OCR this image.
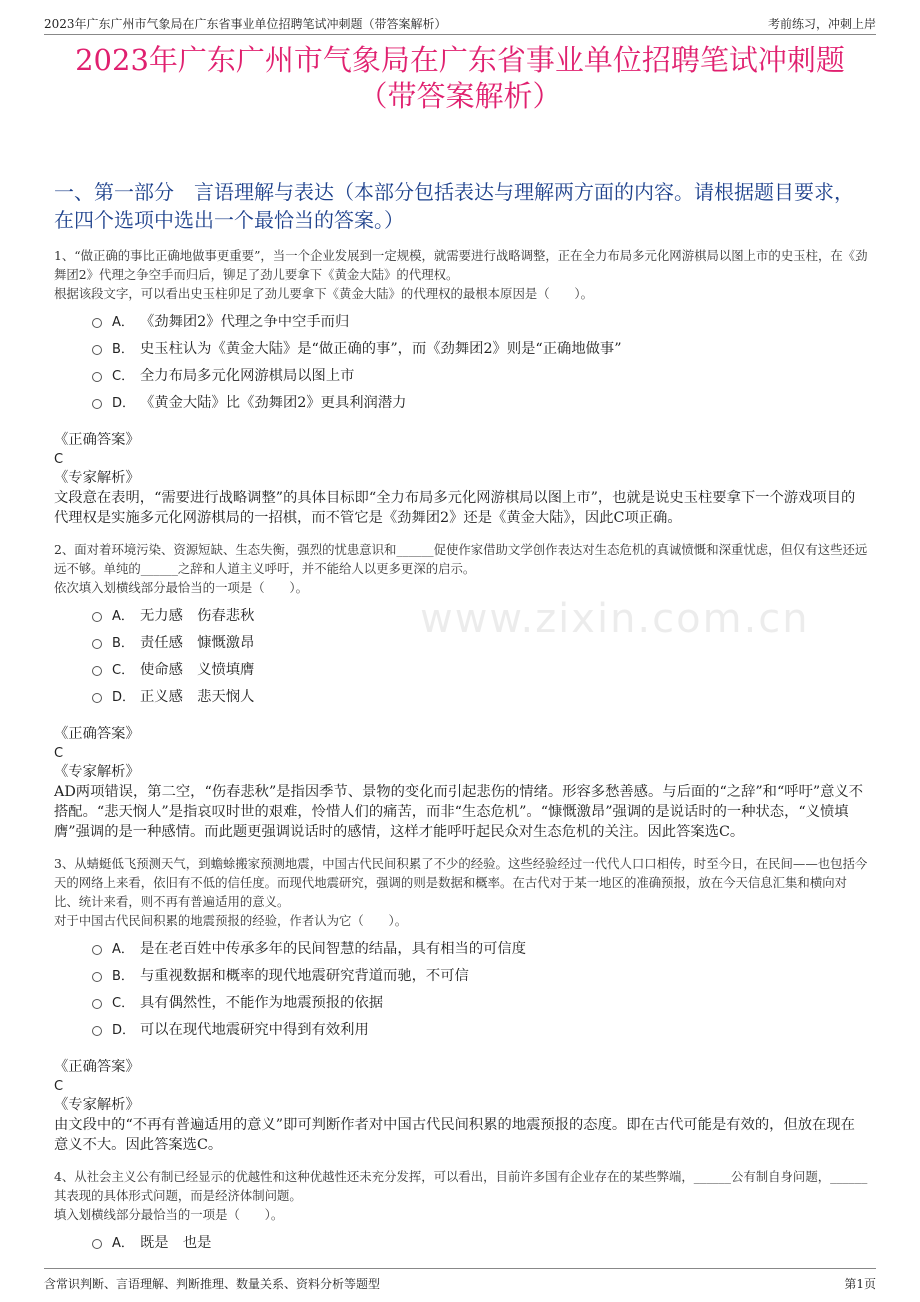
2023年广东广州市气象局在广东省事业单位招聘笔试冲刺题（带答案解析）	考前练习，冲刺上岸
2023年广东广州市气象局在广东省事业单位招聘笔试冲刺题
（带答案解析）
一、第一部分　言语理解与表达（本部分包括表达与理解两方面的内容。请根据题目要求，在四个选项中选出一个最恰当的答案。）
www.zixin.com.cn

1、“做正确的事比正确地做事更重要”，当一个企业发展到一定规模，就需要进行战略调整，正在全力布局多元化网游棋局以图上市的史玉柱，在《劲舞团2》代理之争空手而归后，铆足了劲儿要拿下《黄金大陆》的代理权。

根据该段文字，可以看出史玉柱卯足了劲儿要拿下《黄金大陆》的代理权的最根本原因是（　　）。

A． 《劲舞团2》代理之争中空手而归
B． 史玉柱认为《黄金大陆》是“做正确的事”，而《劲舞团2》则是“正确地做事”
C． 全力布局多元化网游棋局以图上市
D． 《黄金大陆》比《劲舞团2》更具利润潜力

《正确答案》

C

《专家解析》

文段意在表明，“需要进行战略调整”的具体目标即“全力布局多元化网游棋局以图上市”，也就是说史玉柱要拿下一个游戏项目的代理权是实施多元化网游棋局的一招棋，而不管它是《劲舞团2》还是《黄金大陆》，因此C项正确。

2、面对着环境污染、资源短缺、生态失衡，强烈的忧患意识和______促使作家借助文学创作表达对生态危机的真诚愤慨和深重忧虑，但仅有这些还远远不够。单纯的______之辞和人道主义呼吁，并不能给人以更多更深的启示。

依次填入划横线部分最恰当的一项是（　　）。

A． 无力感　伤春悲秋
B． 责任感　慷慨激昂
C． 使命感　义愤填膺
D． 正义感　悲天悯人

《正确答案》

C

《专家解析》

AD两项错误，第二空，“伤春悲秋”是指因季节、景物的变化而引起悲伤的情绪。形容多愁善感。与后面的“之辞”和“呼吁”意义不搭配。“悲天悯人”是指哀叹时世的艰难，怜惜人们的痛苦，而非“生态危机”。“慷慨激昂”强调的是说话时的一种状态，“义愤填膺”强调的是一种感情。而此题更强调说话时的感情，这样才能呼吁起民众对生态危机的关注。因此答案选C。

3、从蜻蜓低飞预测天气，到蟾蜍搬家预测地震，中国古代民间积累了不少的经验。这些经验经过一代代人口口相传，时至今日，在民间——也包括今天的网络上来看，依旧有不低的信任度。而现代地震研究，强调的则是数据和概率。在古代对于某一地区的准确预报，放在今天信息汇集和横向对比、统计来看，则不再有普遍适用的意义。

对于中国古代民间积累的地震预报的经验，作者认为它（　　）。

A． 是在老百姓中传承多年的民间智慧的结晶，具有相当的可信度
B． 与重视数据和概率的现代地震研究背道而驰，不可信
C． 具有偶然性，不能作为地震预报的依据
D． 可以在现代地震研究中得到有效利用

《正确答案》

C

《专家解析》

由文段中的“不再有普遍适用的意义”即可判断作者对中国古代民间积累的地震预报的态度。即在古代可能是有效的，但放在现在意义不大。因此答案选C。

4、从社会主义公有制已经显示的优越性和这种优越性还未充分发挥，可以看出，目前许多国有企业存在的某些弊端，______公有制自身问题，______其表现的具体形式问题，而是经济体制问题。

填入划横线部分最恰当的一项是（　　）。

A． 既是　也是
含常识判断、言语理解、判断推理、数量关系、资料分析等题型	第1页
